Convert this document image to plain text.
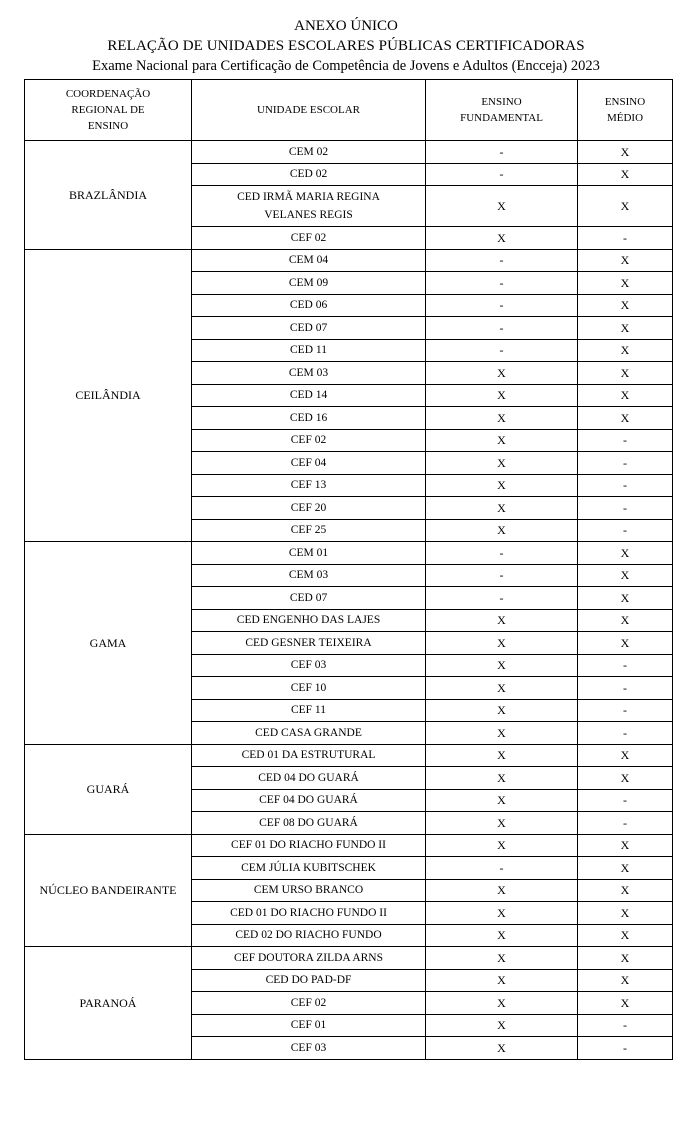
ANEXO ÚNICO
RELAÇÃO DE UNIDADES ESCOLARES PÚBLICAS CERTIFICADORAS
Exame Nacional para Certificação de Competência de Jovens e Adultos (Encceja) 2023
COORDENAÇÃO REGIONAL DE ENSINO	UNIDADE ESCOLAR	ENSINO FUNDAMENTAL	ENSINO MÉDIO

BRAZLÂNDIA	CEM 02	-	X
	CED 02	-	X
	CED IRMÃ MARIA REGINA VELANES REGIS	X	X
	CEF 02	X	-
CEILÂNDIA	CEM 04	-	X
	CEM 09	-	X
	CED 06	-	X
	CED 07	-	X
	CED 11	-	X
	CEM 03	X	X
	CED 14	X	X
	CED 16	X	X
	CEF 02	X	-
	CEF 04	X	-
	CEF 13	X	-
	CEF 20	X	-
	CEF 25	X	-
GAMA	CEM 01	-	X
	CEM 03	-	X
	CED 07	-	X
	CED ENGENHO DAS LAJES	X	X
	CED GESNER TEIXEIRA	X	X
	CEF 03	X	-
	CEF 10	X	-
	CEF 11	X	-
	CED CASA GRANDE	X	-
GUARÁ	CED 01 DA ESTRUTURAL	X	X
	CED 04 DO GUARÁ	X	X
	CEF 04 DO GUARÁ	X	-
	CEF 08 DO GUARÁ	X	-
NÚCLEO BANDEIRANTE	CEF 01 DO RIACHO FUNDO II	X	X
	CEM JÚLIA KUBITSCHEK	-	X
	CEM URSO BRANCO	X	X
	CED 01 DO RIACHO FUNDO II	X	X
	CED 02 DO RIACHO FUNDO	X	X
PARANOÁ	CEF DOUTORA ZILDA ARNS	X	X
	CED DO PAD-DF	X	X
	CEF 02	X	X
	CEF 01	X	-
	CEF 03	X	-
